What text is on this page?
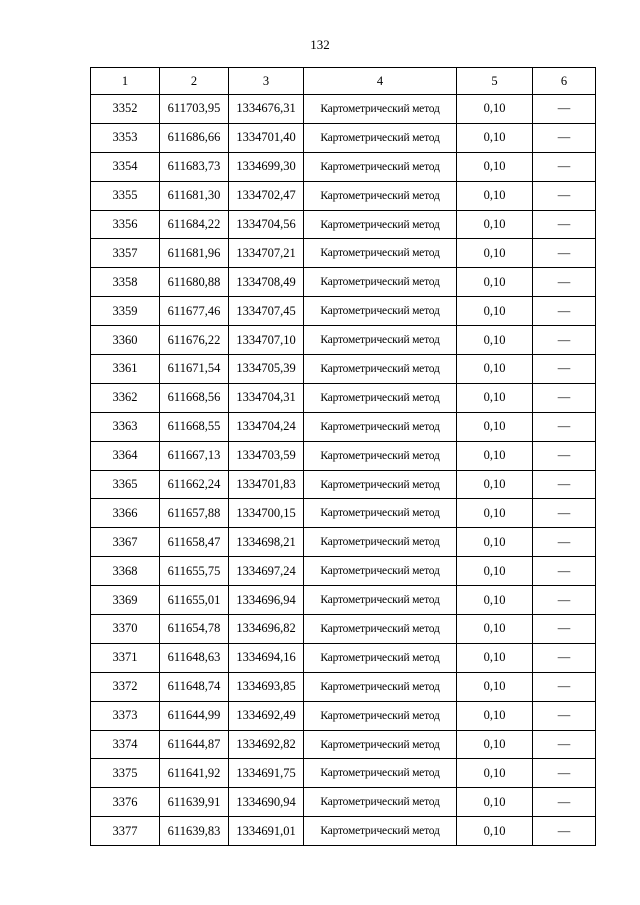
132
1	2	3	4	5	6
3352	611703,95	1334676,31	Картометрический метод	0,10	—
3353	611686,66	1334701,40	Картометрический метод	0,10	—
3354	611683,73	1334699,30	Картометрический метод	0,10	—
3355	611681,30	1334702,47	Картометрический метод	0,10	—
3356	611684,22	1334704,56	Картометрический метод	0,10	—
3357	611681,96	1334707,21	Картометрический метод	0,10	—
3358	611680,88	1334708,49	Картометрический метод	0,10	—
3359	611677,46	1334707,45	Картометрический метод	0,10	—
3360	611676,22	1334707,10	Картометрический метод	0,10	—
3361	611671,54	1334705,39	Картометрический метод	0,10	—
3362	611668,56	1334704,31	Картометрический метод	0,10	—
3363	611668,55	1334704,24	Картометрический метод	0,10	—
3364	611667,13	1334703,59	Картометрический метод	0,10	—
3365	611662,24	1334701,83	Картометрический метод	0,10	—
3366	611657,88	1334700,15	Картометрический метод	0,10	—
3367	611658,47	1334698,21	Картометрический метод	0,10	—
3368	611655,75	1334697,24	Картометрический метод	0,10	—
3369	611655,01	1334696,94	Картометрический метод	0,10	—
3370	611654,78	1334696,82	Картометрический метод	0,10	—
3371	611648,63	1334694,16	Картометрический метод	0,10	—
3372	611648,74	1334693,85	Картометрический метод	0,10	—
3373	611644,99	1334692,49	Картометрический метод	0,10	—
3374	611644,87	1334692,82	Картометрический метод	0,10	—
3375	611641,92	1334691,75	Картометрический метод	0,10	—
3376	611639,91	1334690,94	Картометрический метод	0,10	—
3377	611639,83	1334691,01	Картометрический метод	0,10	—
